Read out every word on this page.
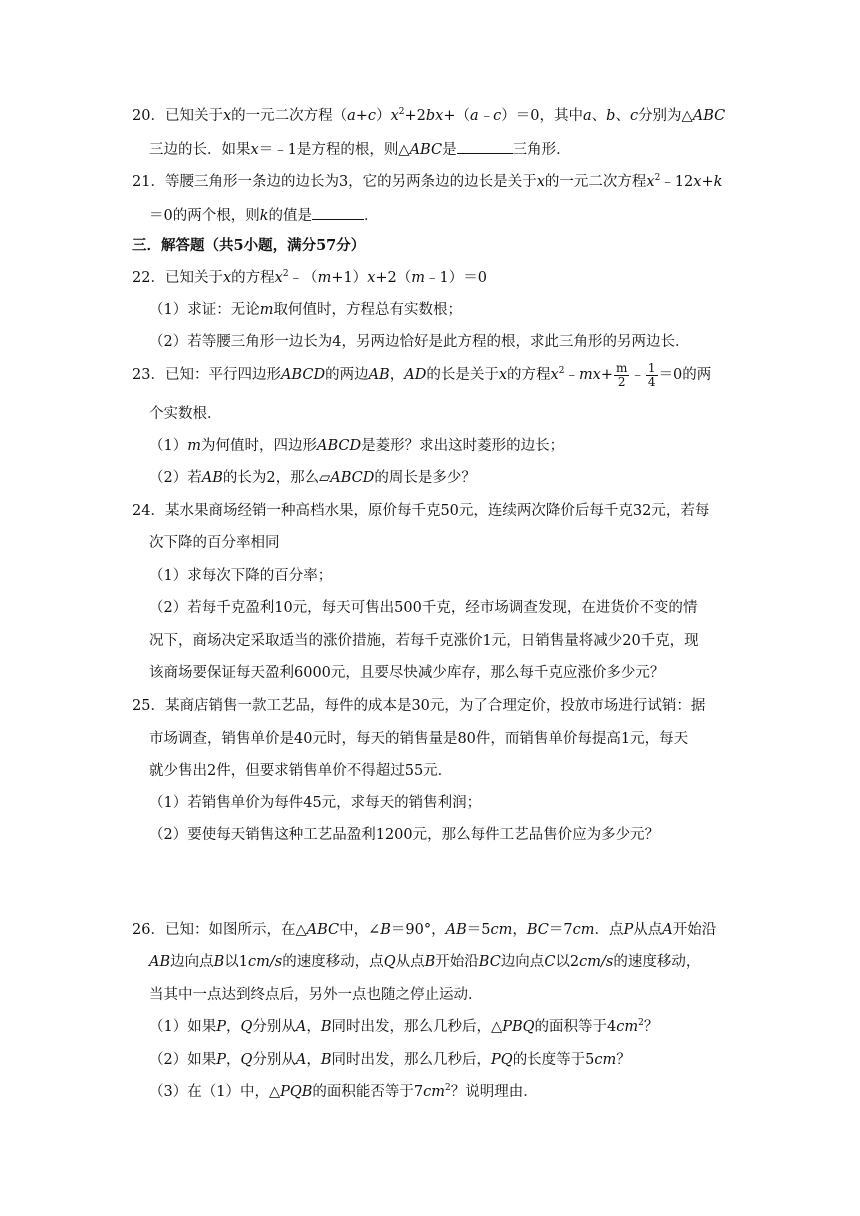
20．已知关于x的一元二次方程$(a+c)x^2+2bx+(a﹣c)=0$，其中a、b、c分别为△ABC
三边的长．如果x＝﹣1是方程的根，则△ABC是	三角形．
21．等腰三角形一条边的边长为3，它的另两条边的边长是关于x的一元二次方程$x^2﹣12x+k$
＝0的两个根，则k的值是	．
三．解答题（共5小题，满分57分）
22．已知关于x的方程$x^2﹣(m+1)x+2(m﹣1)=0$
（1）求证：无论m取何值时，方程总有实数根；
（2）若等腰三角形一边长为4，另两边恰好是此方程的根，求此三角形的另两边长．
23．已知：平行四边形ABCD的两边AB，AD的长是关于x的方程$x^2﹣mx+ \frac{m}{2}$ ﹣ $\frac{1}{4} =0$的两
个实数根．
（1）m为何值时，四边形ABCD是菱形？求出这时菱形的边长；
（2）若AB的长为2，那么▱ABCD的周长是多少？
24．某水果商场经销一种高档水果，原价每千克50元，连续两次降价后每千克32元，若每
次下降的百分率相同
（1）求每次下降的百分率；
（2）若每千克盈利10元，每天可售出500千克，经市场调查发现，在进货价不变的情
况下，商场决定采取适当的涨价措施，若每千克涨价1元，日销售量将减少20千克，现
该商场要保证每天盈利6000元，且要尽快减少库存，那么每千克应涨价多少元？
25．某商店销售一款工艺品，每件的成本是30元，为了合理定价，投放市场进行试销：据
市场调查，销售单价是40元时，每天的销售量是80件，而销售单价每提高1元，每天
就少售出2件，但要求销售单价不得超过55元．
（1）若销售单价为每件45元，求每天的销售利润；
（2）要使每天销售这种工艺品盈利1200元，那么每件工艺品售价应为多少元？
26．已知：如图所示，在△ABC中，∠B＝90°，AB＝5cm，BC＝7cm．点P从点A开始沿
AB边向点B以1cm/s的速度移动，点Q从点B开始沿BC边向点C以2cm/s的速度移动，
当其中一点达到终点后，另外一点也随之停止运动．
（1）如果P，Q分别从A，B同时出发，那么几秒后，△PBQ的面积等于$4cm^2$？
（2）如果P，Q分别从A，B同时出发，那么几秒后，PQ的长度等于5cm？
（3）在（1）中，△PQB的面积能否等于$7cm^2$？说明理由．
